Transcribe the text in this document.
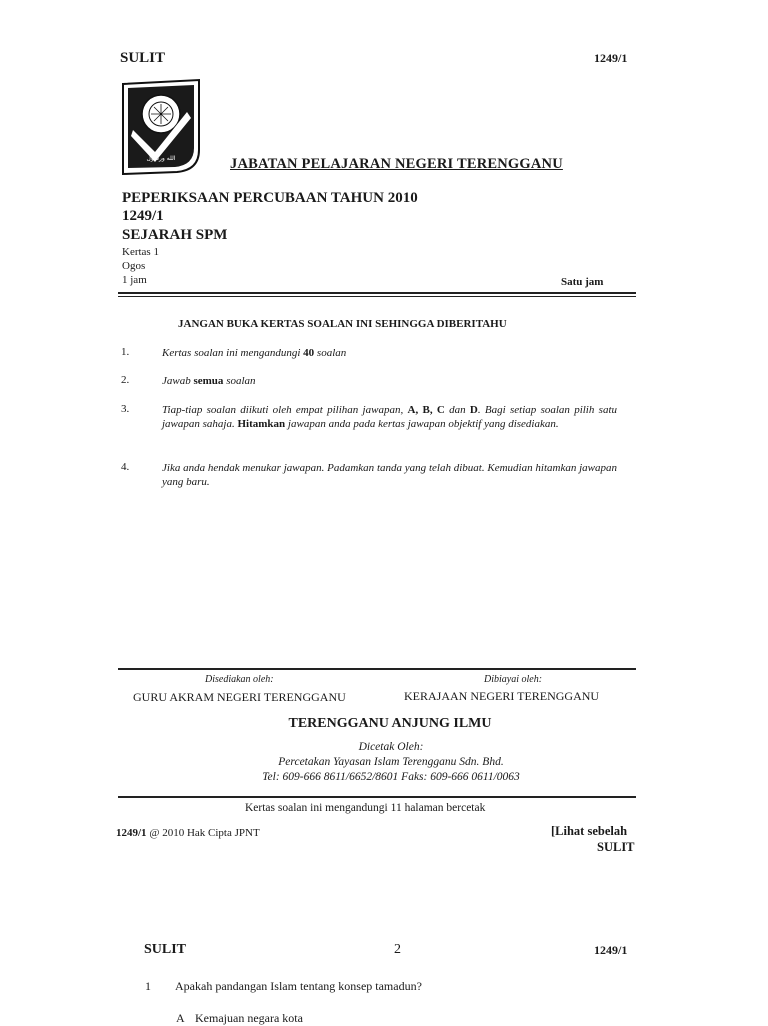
SULIT	1249/1
الله ورسول	JABATAN PELAJARAN NEGERI TERENGGANU
PEPERIKSAAN PERCUBAAN TAHUN 2010
1249/1
SEJARAH SPM
Kertas 1
Ogos
1 jam	Satu jam
JANGAN BUKA KERTAS SOALAN INI SEHINGGA DIBERITAHU
1.	Kertas soalan ini mengandungi 40 soalan
2.	Jawab semua soalan
3.	Tiap-tiap soalan diikuti oleh empat pilihan jawapan, A, B, C dan D. Bagi setiap soalan pilih satu jawapan sahaja. Hitamkan jawapan anda pada kertas jawapan objektif yang disediakan.
4.	Jika anda hendak menukar jawapan. Padamkan tanda yang telah dibuat. Kemudian hitamkan jawapan yang baru.
Disediakan oleh:	Dibiayai oleh:
GURU AKRAM NEGERI TERENGGANU	KERAJAAN NEGERI TERENGGANU
TERENGGANU ANJUNG ILMU
Dicetak Oleh:
Percetakan Yayasan Islam Terengganu Sdn. Bhd.
Tel: 609-666 8611/6652/8601 Faks: 609-666 0611/0063
Kertas soalan ini mengandungi 11 halaman bercetak
1249/1 @ 2010 Hak Cipta JPNT	[Lihat sebelah
SULIT
SULIT	2	1249/1
1 Apakah pandangan Islam tentang konsep tamadun?
A Kemajuan negara kota
